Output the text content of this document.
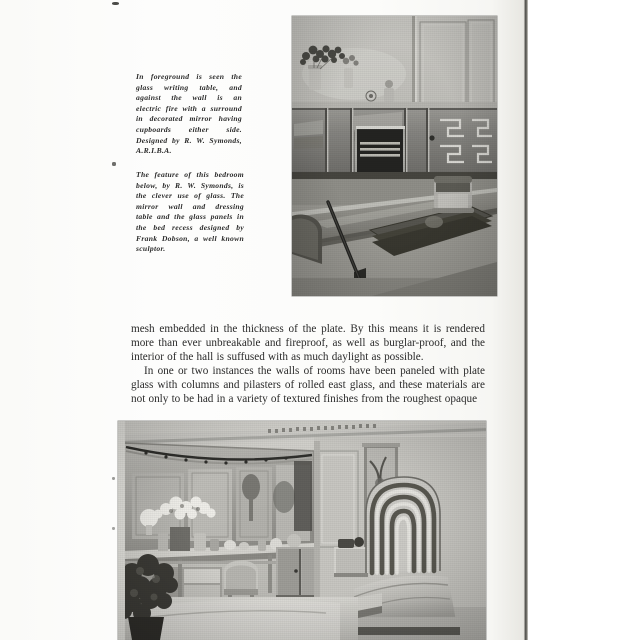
In foreground is seen the glass writing table, and against the wall is an electric fire with a surround in decorated mirror having cupboards either side. Designed by R. W. Symonds, A.R.I.B.A.
The feature of this bedroom below, by R. W. Symonds, is the clever use of glass. The mirror wall and dressing table and the glass panels in the bed recess designed by Frank Dobson, a well known sculptor.

mesh embedded in the thickness of the plate. By this means it is rendered more than ever unbreakable and fireproof, as well as burglar-proof, and the interior of the hall is suffused with as much daylight as possible.

In one or two instances the walls of rooms have been paneled with plate glass with columns and pilasters of rolled east glass, and these materials are not only to be had in a variety of textured finishes from the roughest opaque
